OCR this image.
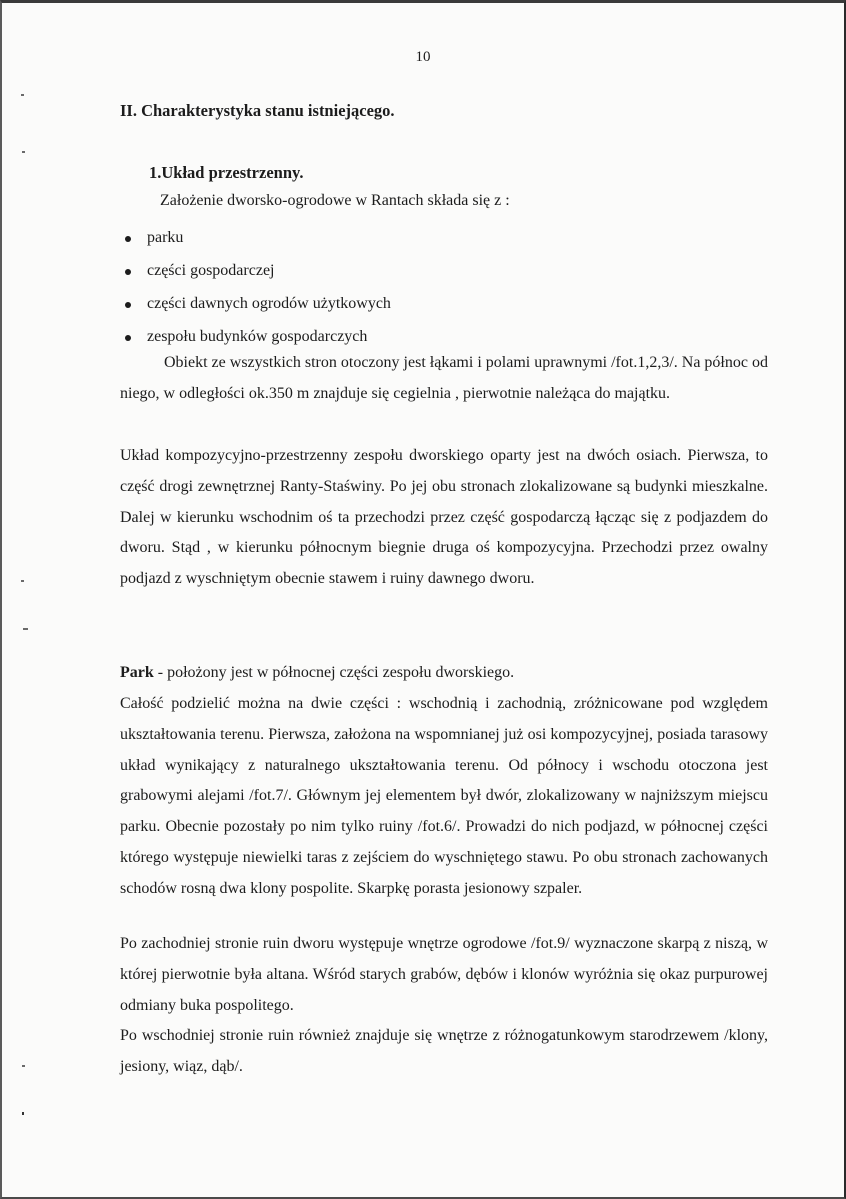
10
II. Charakterystyka stanu istniejącego.
1.Układ przestrzenny.

Założenie dworsko-ogrodowe w Rantach składa się z :

parku
części gospodarczej
części dawnych ogrodów użytkowych
zespołu budynków gospodarczych

Obiekt ze wszystkich stron otoczony jest łąkami i polami uprawnymi /fot.1,2,3/. Na północ od niego, w odległości ok.350 m znajduje się cegielnia , pierwotnie należąca do majątku.

Układ kompozycyjno-przestrzenny zespołu dworskiego oparty jest na dwóch osiach. Pierwsza, to część drogi zewnętrznej Ranty-Staświny. Po jej obu stronach zlokalizowane są budynki mieszkalne. Dalej w kierunku wschodnim oś ta przechodzi przez część gospodarczą łącząc się z podjazdem do dworu. Stąd , w kierunku północnym biegnie druga oś kompozycyjna. Przechodzi przez owalny podjazd z wyschniętym obecnie stawem i ruiny dawnego dworu.

Park - położony jest w północnej części zespołu dworskiego.

Całość podzielić można na dwie części : wschodnią i zachodnią, zróżnicowane pod względem ukształtowania terenu. Pierwsza, założona na wspomnianej już osi kompozycyjnej, posiada tarasowy układ wynikający z naturalnego ukształtowania terenu. Od północy i wschodu otoczona jest grabowymi alejami /fot.7/. Głównym jej elementem był dwór, zlokalizowany w najniższym miejscu parku. Obecnie pozostały po nim tylko ruiny /fot.6/. Prowadzi do nich podjazd, w północnej części którego występuje niewielki taras z zejściem do wyschniętego stawu. Po obu stronach zachowanych schodów rosną dwa klony pospolite. Skarpkę porasta jesionowy szpaler.

Po zachodniej stronie ruin dworu występuje wnętrze ogrodowe /fot.9/ wyznaczone skarpą z niszą, w której pierwotnie była altana. Wśród starych grabów, dębów i klonów wyróżnia się okaz purpurowej odmiany buka pospolitego.

Po wschodniej stronie ruin również znajduje się wnętrze z różnogatunkowym starodrzewem /klony, jesiony, wiąz, dąb/.
